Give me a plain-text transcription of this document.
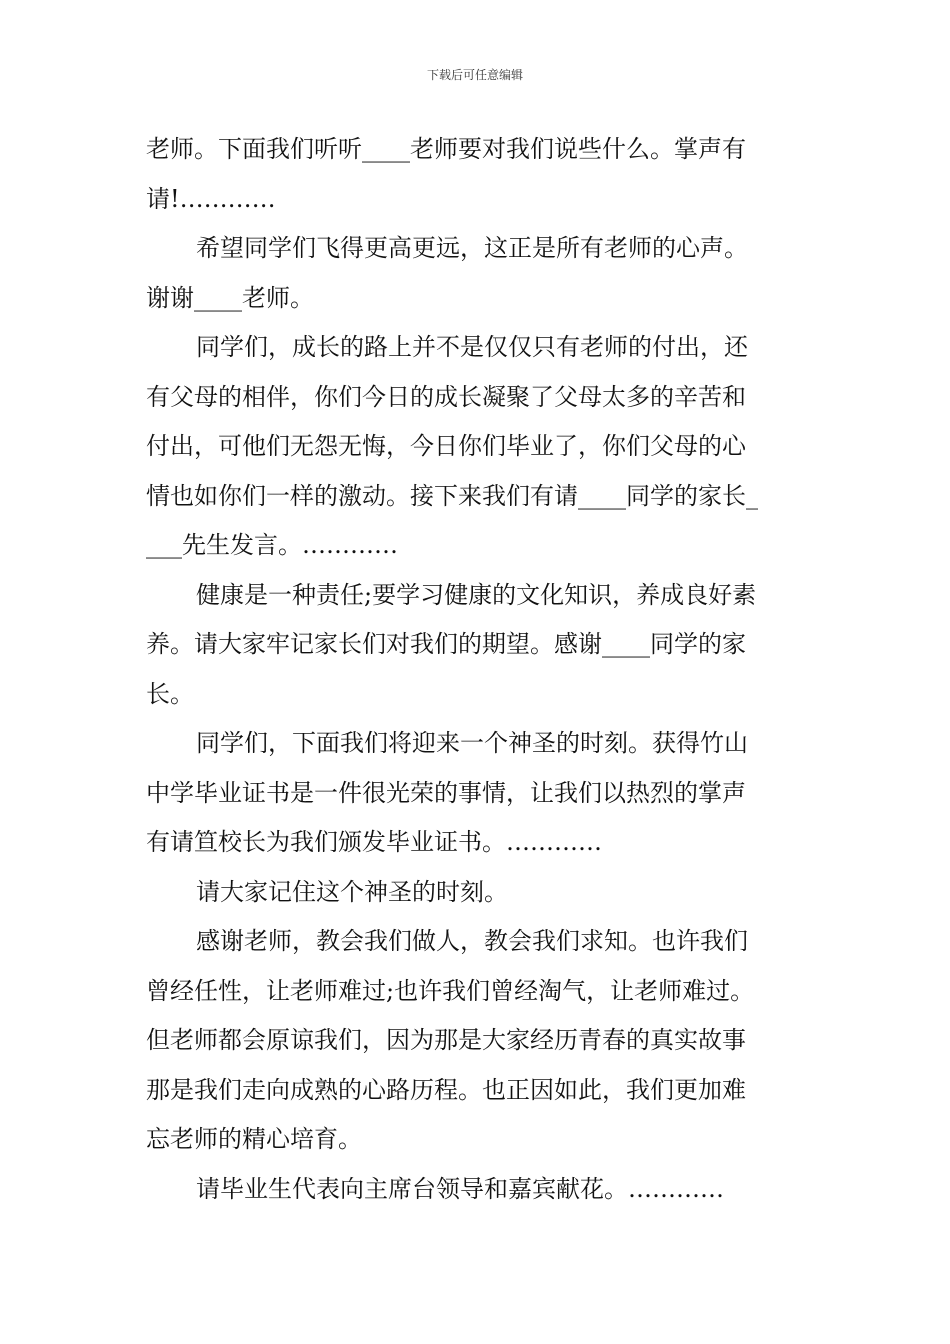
下载后可任意编辑
老师。下面我们听听____老师要对我们说些什么。掌声有
请!…………
希望同学们飞得更高更远，这正是所有老师的心声。
谢谢____老师。
同学们，成长的路上并不是仅仅只有老师的付出，还
有父母的相伴，你们今日的成长凝聚了父母太多的辛苦和
付出，可他们无怨无悔，今日你们毕业了，你们父母的心
情也如你们一样的激动。接下来我们有请____同学的家长_
___先生发言。…………
健康是一种责任;要学习健康的文化知识，养成良好素
养。请大家牢记家长们对我们的期望。感谢____同学的家
长。
同学们，下面我们将迎来一个神圣的时刻。获得竹山
中学毕业证书是一件很光荣的事情，让我们以热烈的掌声
有请笪校长为我们颁发毕业证书。…………
请大家记住这个神圣的时刻。
感谢老师，教会我们做人，教会我们求知。也许我们
曾经任性，让老师难过;也许我们曾经淘气，让老师难过。
但老师都会原谅我们，因为那是大家经历青春的真实故事
那是我们走向成熟的心路历程。也正因如此，我们更加难
忘老师的精心培育。
请毕业生代表向主席台领导和嘉宾献花。…………
